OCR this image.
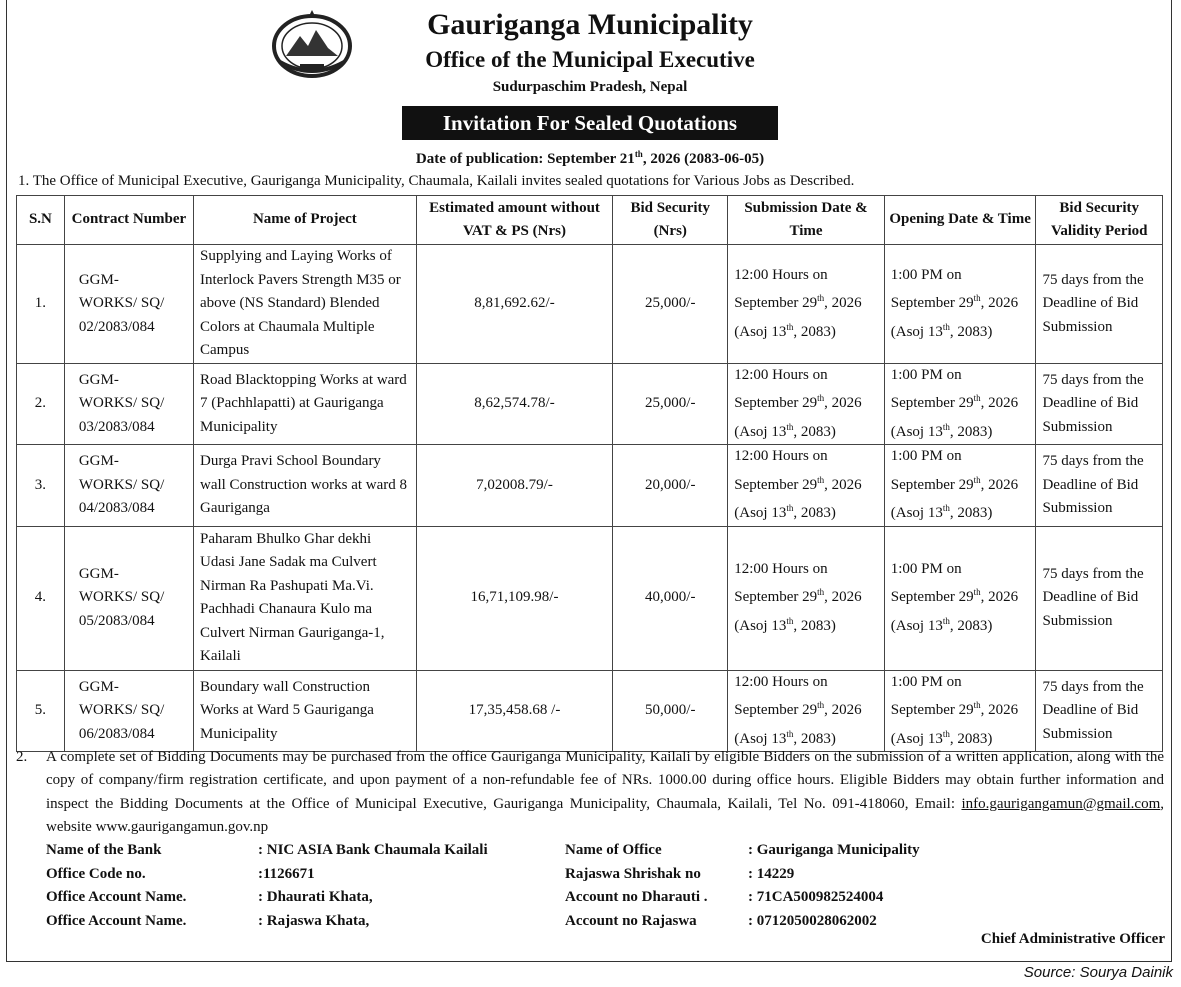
Gauriganga Municipality
Office of the Municipal Executive
Sudurpaschim Pradesh, Nepal
Invitation For Sealed Quotations
Date of publication: September 21th, 2026 (2083-06-05)
1. The Office of Municipal Executive, Gauriganga Municipality, Chaumala, Kailali invites sealed quotations for Various Jobs as Described.
S.N	Contract Number	Name of Project	Estimated amount without VAT & PS (Nrs)	Bid Security (Nrs)	Submission Date & Time	Opening Date & Time	Bid Security Validity Period
1.	GGM-
WORKS/ SQ/
02/2083/084	Supplying and Laying Works of Interlock Pavers Strength M35 or above (NS Standard) Blended Colors at Chaumala Multiple Campus	8,81,692.62/-	25,000/-	12:00 Hours on
September 29th, 2026
(Asoj 13th, 2083)	1:00 PM on
September 29th, 2026
(Asoj 13th, 2083)	75 days from the Deadline of Bid Submission
2.	GGM-
WORKS/ SQ/
03/2083/084	Road Blacktopping Works at ward 7 (Pachhlapatti) at Gauriganga Municipality	8,62,574.78/-	25,000/-	12:00 Hours on
September 29th, 2026
(Asoj 13th, 2083)	1:00 PM on
September 29th, 2026
(Asoj 13th, 2083)	75 days from the Deadline of Bid Submission
3.	GGM-
WORKS/ SQ/
04/2083/084	Durga Pravi School Boundary wall Construction works at ward 8 Gauriganga	7,02008.79/-	20,000/-	12:00 Hours on
September 29th, 2026
(Asoj 13th, 2083)	1:00 PM on
September 29th, 2026
(Asoj 13th, 2083)	75 days from the Deadline of Bid Submission
4.	GGM-
WORKS/ SQ/
05/2083/084	Paharam Bhulko Ghar dekhi Udasi Jane Sadak ma Culvert Nirman Ra Pashupati Ma.Vi. Pachhadi Chanaura Kulo ma Culvert Nirman Gauriganga-1, Kailali	16,71,109.98/-	40,000/-	12:00 Hours on
September 29th, 2026
(Asoj 13th, 2083)	1:00 PM on
September 29th, 2026
(Asoj 13th, 2083)	75 days from the Deadline of Bid Submission
5.	GGM-
WORKS/ SQ/
06/2083/084	Boundary wall Construction Works at Ward 5 Gauriganga Municipality	17,35,458.68 /-	50,000/-	12:00 Hours on
September 29th, 2026
(Asoj 13th, 2083)	1:00 PM on
September 29th, 2026
(Asoj 13th, 2083)	75 days from the Deadline of Bid Submission
2. A complete set of Bidding Documents may be purchased from the office Gauriganga Municipality, Kailali by eligible Bidders on the submission of a written application, along with the copy of company/firm registration certificate, and upon payment of a non-refundable fee of NRs. 1000.00 during office hours. Eligible Bidders may obtain further information and inspect the Bidding Documents at the Office of Municipal Executive, Gauriganga Municipality, Chaumala, Kailali, Tel No. 091-418060, Email: info.gaurigangamun@gmail.com, website www.gaurigangamun.gov.np
Name of the Bank	: NIC ASIA Bank Chaumala Kailali	Name of Office	: Gauriganga Municipality
Office Code no.	:1126671	Rajaswa Shrishak no	: 14229
Office Account Name.	: Dhaurati Khata,	Account no Dharauti .	: 71CA500982524004
Office Account Name.	: Rajaswa Khata,	Account no Rajaswa	: 0712050028062002
Chief Administrative Officer
Source: Sourya Dainik
